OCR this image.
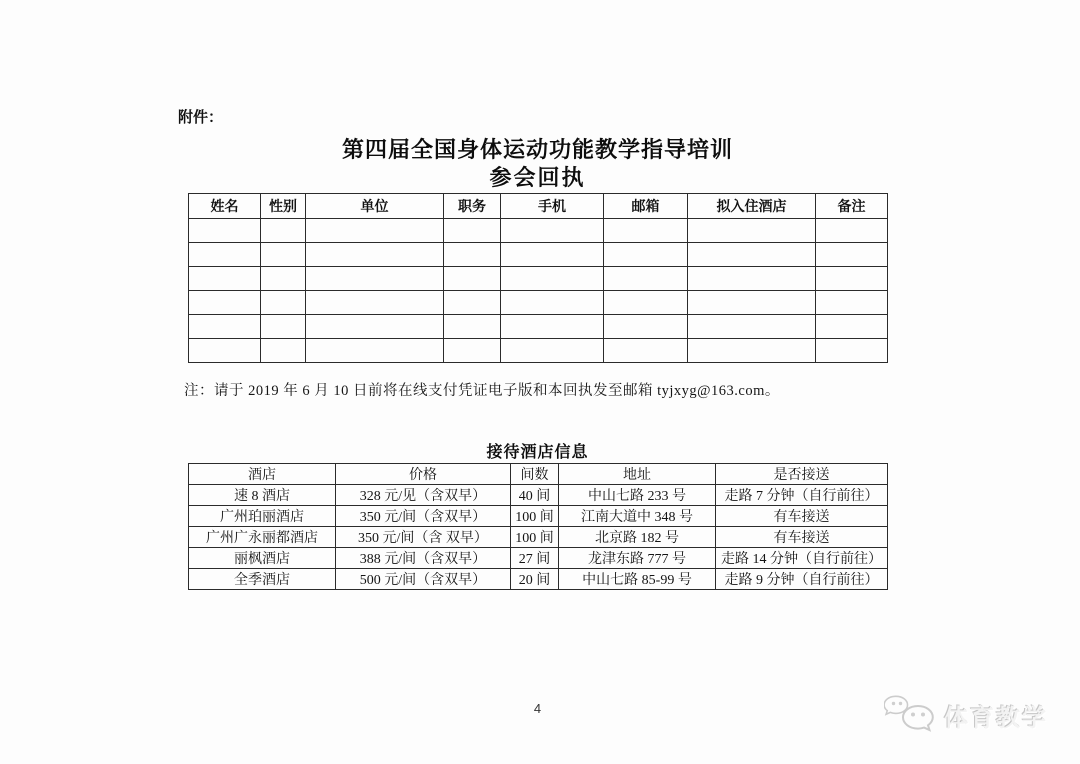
附件：
第四届全国身体运动功能教学指导培训
参会回执
姓名	性别	单位	职务	手机	邮箱	拟入住酒店	备注

注：请于 2019 年 6 月 10 日前将在线支付凭证电子版和本回执发至邮箱 tyjxyg@163.com。
接待酒店信息
酒店	价格	间数	地址	是否接送
速 8 酒店	328 元/见（含双早）	40 间	中山七路 233 号	走路 7 分钟（自行前往）
广州珀丽酒店	350 元/间（含双早）	100 间	江南大道中 348 号	有车接送
广州广永丽都酒店	350 元/间（含 双早）	100 间	北京路 182 号	有车接送
丽枫酒店	388 元/间（含双早）	27 间	龙津东路 777 号	走路 14 分钟（自行前往）
全季酒店	500 元/间（含双早）	20 间	中山七路 85-99 号	走路 9 分钟（自行前往）
4	体育教学
